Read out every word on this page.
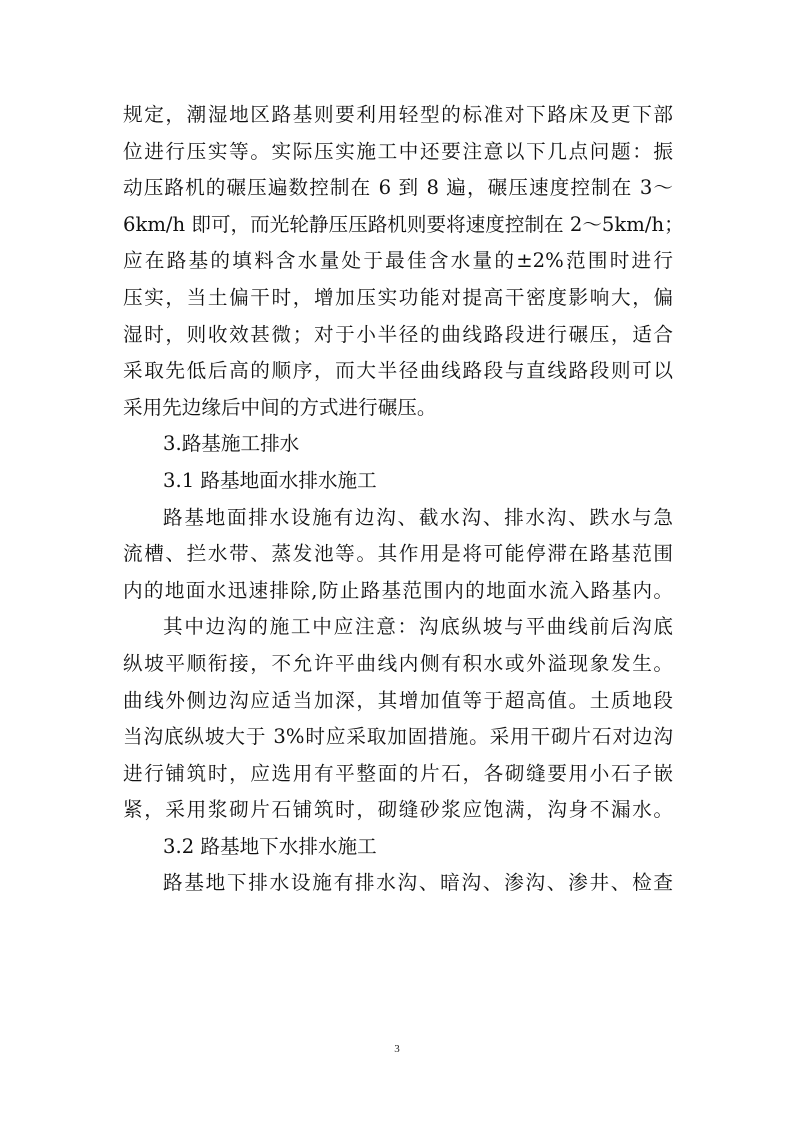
规定，潮湿地区路基则要利用轻型的标准对下路床及更下部
位进行压实等。实际压实施工中还要注意以下几点问题：振
动压路机的碾压遍数控制在 6 到 8 遍，碾压速度控制在 3～
6km/h 即可，而光轮静压压路机则要将速度控制在 2～5km/h；
应在路基的填料含水量处于最佳含水量的±2%范围时进行
压实，当土偏干时，增加压实功能对提高干密度影响大，偏
湿时，则收效甚微；对于小半径的曲线路段进行碾压，适合
采取先低后高的顺序，而大半径曲线路段与直线路段则可以
采用先边缘后中间的方式进行碾压。
3.路基施工排水
3.1 路基地面水排水施工
路基地面排水设施有边沟、截水沟、排水沟、跌水与急
流槽、拦水带、蒸发池等。其作用是将可能停滞在路基范围
内的地面水迅速排除,防止路基范围内的地面水流入路基内。
其中边沟的施工中应注意：沟底纵坡与平曲线前后沟底
纵坡平顺衔接，不允许平曲线内侧有积水或外溢现象发生。
曲线外侧边沟应适当加深，其增加值等于超高值。土质地段
当沟底纵坡大于 3%时应采取加固措施。采用干砌片石对边沟
进行铺筑时，应选用有平整面的片石，各砌缝要用小石子嵌
紧，采用浆砌片石铺筑时，砌缝砂浆应饱满，沟身不漏水。
3.2 路基地下水排水施工
路基地下排水设施有排水沟、暗沟、渗沟、渗井、检查
3
